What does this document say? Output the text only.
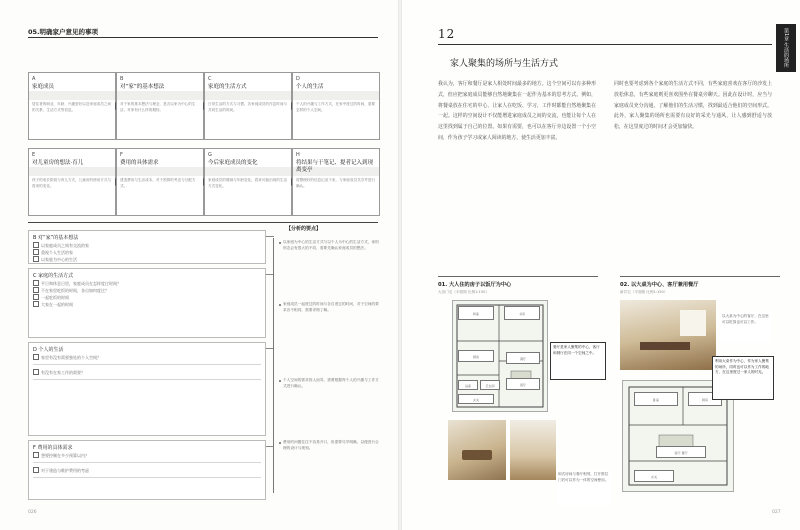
05.明确家户意见的事项
A
家庭成员
居住者的职业、年龄、兴趣爱好以及家庭成员之间的关系、生活方式等信息。
B
对“家”的基本想法
对于家的基本想法与理念，是否以家为中心的生活，对家有什么样的期待。
C
家庭的生活方式
日常生活的方式与习惯，各家庭成员的作息时间与共同生活的时间。
D
个人的生活
个人的兴趣与工作方式，在家中度过的时间，需要怎样的个人空间。
E
对儿童房的想法·育儿
孩子的成长阶段与育儿方式，儿童房的使用方式与将来的变化。
F
费用的具体需求
建造费用与生活成本，对于预算的考虑与分配方式。
G
今后家庭成员的变化
家庭成员的增减与年龄变化，将来可能出现的生活方式变化。
H
将结果与于笔记、提者记入到现离变亭
将整理好的信息记录下来，与家庭成员共享并进行确认。
B 对“家”的基本想法
以家庭成员之间有交流的家
重视个人生活的家
以家庭为中心的生活
C 家庭的生活方式
平日和休息日里，家庭成员在怎样度过时间？
不在家里吃饭的时间，各自如何度过？
一起吃饭的时间
大家在一起的时间
D 个人的生活
家里有没有需要独处的个人空间？
有没有在家工作的需要？
F 费用的具体需求
想要控制在多少预算以内？
对于建造与维护费用的考虑
【分析的要点】
以家庭为中心的生活方式与以个人为中心的生活方式，家的形态会有很大的不同，需要先确认家庭成员的想法。
家庭成员一起度过的时间与各自度过的时间，对于空间的要求各不相同，需要详细了解。
个人空间的需求因人而异，需要根据每个人的兴趣与工作方式进行确认。
费用的问题往往不容易开口，但需要尽早明确，以便进行合理的设计与规划。
026
第1章 生活的场所
12
家人聚集的场所与生活方式
我认为，客厅和餐厅是家人相处时间最多的地方。这个空间可以有多种形式，但应把家庭成员能够自然地聚集在一起作为基本的思考方式。例如，将餐桌放在住宅的中心，让家人在吃饭、学习、工作时都能自然地聚集在一起。这样的空间设计不仅能增进家庭成员之间的交流，也能让每个人在这里找到属于自己的位置。如果有需要，也可以在客厅旁边设置一个小空间，作为孩子学习或家人阅读的地方，使生活更加丰富。
同时也要考虑到各个家庭的生活方式不同，有些家庭喜欢在客厅的沙发上放松休息，有些家庭则更喜欢围坐在餐桌旁聊天。因此在设计时，应当与家庭成员充分沟通，了解他们的生活习惯，找到最适合他们的空间形式。此外，家人聚集的场所也需要有良好的采光与通风，让人感到舒适与放松，在这里度过的时间才会更加愉快。
01. 大人住的房子以饭厅为中心
大田门宅（平面图 比例1:150）
和室	书房
厨房	餐厅
客厅
浴室	卫生间
玄关
餐厅是家人聚集的中心，客厅和餐厅在同一个空间之中。
和式房间与餐厅相邻，打开推拉门后可以作为一体的空间使用。
02. 以大桌为中心、客厅兼用餐厅
新井宅（平面图 比例1:150）
以大桌为中心的客厅，在这里可以吃饭也可以工作。
卧室
客厅·餐厅
厨房
玄关
利用大桌作为中心，作为家人聚集的场所，同时也可以作为工作的地方，在这里度过一家人的时光。
027
